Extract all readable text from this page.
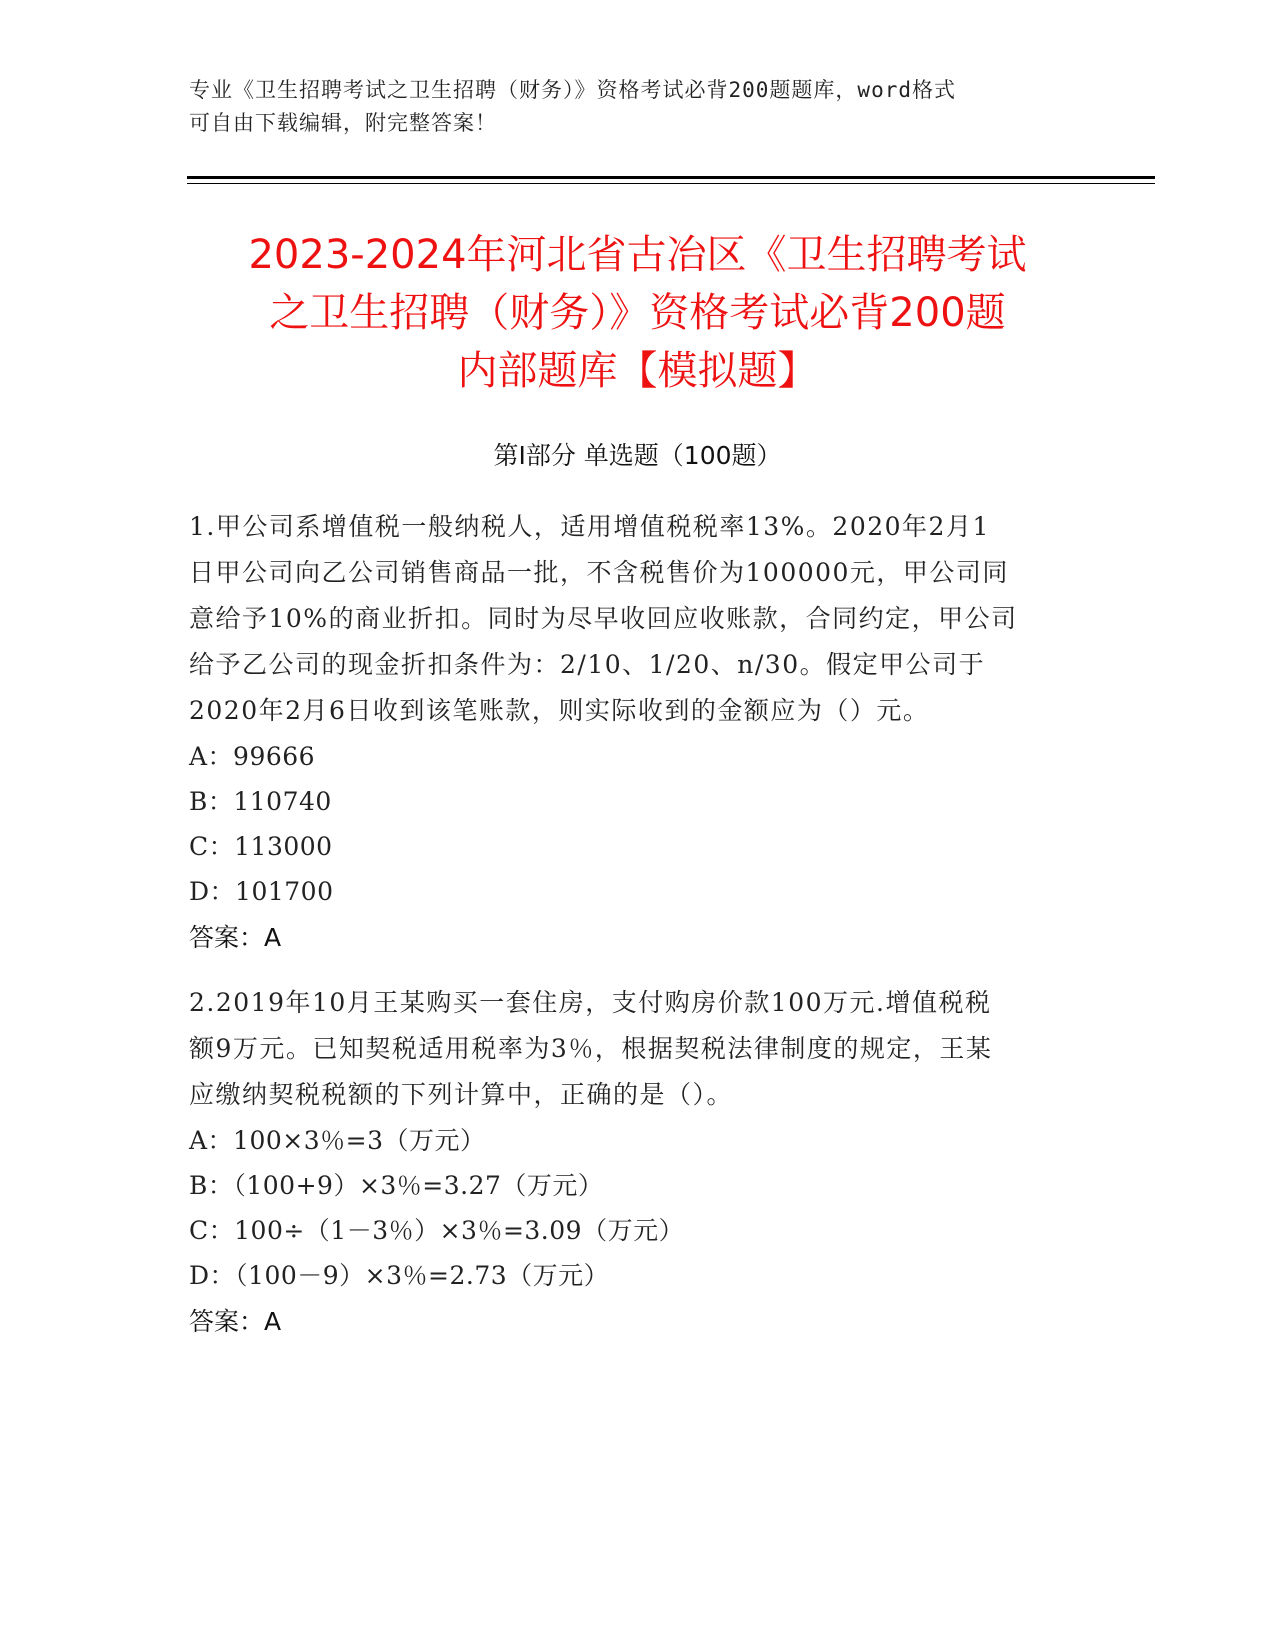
专业《卫生招聘考试之卫生招聘（财务）》资格考试必背200题题库，word格式
可自由下载编辑，附完整答案！
2023-2024年河北省古冶区《卫生招聘考试
之卫生招聘（财务）》资格考试必背200题
内部题库【模拟题】
第Ⅰ部分 单选题（100题）

1.甲公司系增值税一般纳税人，适用增值税税率13%。2020年2月1

日甲公司向乙公司销售商品一批，不含税售价为100000元，甲公司同

意给予10%的商业折扣。同时为尽早收回应收账款，合同约定，甲公司

给予乙公司的现金折扣条件为：2/10、1/20、n/30。假定甲公司于

2020年2月6日收到该笔账款，则实际收到的金额应为（）元。

A：99666

B：110740

C：113000

D：101700

答案：A

2.2019年10月王某购买一套住房，支付购房价款100万元.增值税税

额9万元。已知契税适用税率为3％，根据契税法律制度的规定，王某

应缴纳契税税额的下列计算中，正确的是（）。

A：100×3％=3（万元）

B：（100+9）×3％=3.27（万元）

C：100÷（1－3％）×3％=3.09（万元）

D：（100－9）×3％=2.73（万元）

答案：A
